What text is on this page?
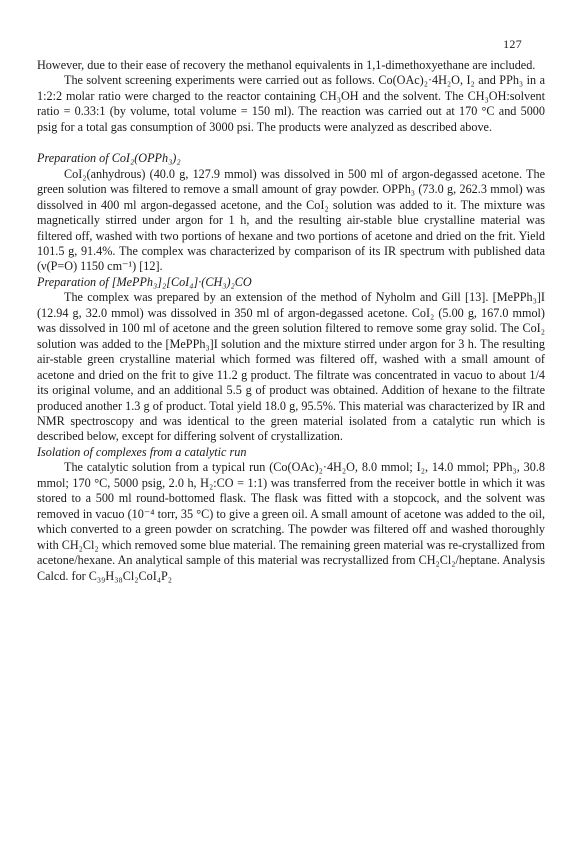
127

However, due to their ease of recovery the methanol equivalents in 1,1-dimethoxyethane are included.

The solvent screening experiments were carried out as follows. Co(OAc)₂·4H₂O, I₂ and PPh₃ in a 1:2:2 molar ratio were charged to the reactor containing CH₃OH and the solvent. The CH₃OH:solvent ratio = 0.33:1 (by volume, total volume = 150 ml). The reaction was carried out at 170 °C and 5000 psig for a total gas consumption of 3000 psi. The products were analyzed as described above.

Preparation of CoI₂(OPPh₃)₂

CoI₂(anhydrous) (40.0 g, 127.9 mmol) was dissolved in 500 ml of argon-degassed acetone. The green solution was filtered to remove a small amount of gray powder. OPPh₃ (73.0 g, 262.3 mmol) was dissolved in 400 ml argon-degassed acetone, and the CoI₂ solution was added to it. The mixture was magnetically stirred under argon for 1 h, and the resulting air-stable blue crystalline material was filtered off, washed with two portions of hexane and two portions of acetone and dried on the frit. Yield 101.5 g, 91.4%. The complex was characterized by comparison of its IR spectrum with published data (ν(P=O) 1150 cm⁻¹) [12].

Preparation of [MePPh₃]₂[CoI₄]·(CH₃)₂CO

The complex was prepared by an extension of the method of Nyholm and Gill [13]. [MePPh₃]I (12.94 g, 32.0 mmol) was dissolved in 350 ml of argon-degassed acetone. CoI₂ (5.00 g, 167.0 mmol) was dissolved in 100 ml of acetone and the green solution filtered to remove some gray solid. The CoI₂ solution was added to the [MePPh₃]I solution and the mixture stirred under argon for 3 h. The resulting air-stable green crystalline material which formed was filtered off, washed with a small amount of acetone and dried on the frit to give 11.2 g product. The filtrate was concentrated in vacuo to about 1/4 its original volume, and an additional 5.5 g of product was obtained. Addition of hexane to the filtrate produced another 1.3 g of product. Total yield 18.0 g, 95.5%. This material was characterized by IR and NMR spectroscopy and was identical to the green material isolated from a catalytic run which is described below, except for differing solvent of crystallization.

Isolation of complexes from a catalytic run

The catalytic solution from a typical run (Co(OAc)₂·4H₂O, 8.0 mmol; I₂, 14.0 mmol; PPh₃, 30.8 mmol; 170 °C, 5000 psig, 2.0 h, H₂:CO = 1:1) was transferred from the receiver bottle in which it was stored to a 500 ml round-bottomed flask. The flask was fitted with a stopcock, and the solvent was removed in vacuo (10⁻⁴ torr, 35 °C) to give a green oil. A small amount of acetone was added to the oil, which converted to a green powder on scratching. The powder was filtered off and washed thoroughly with CH₂Cl₂ which removed some blue material. The remaining green material was re-crystallized from acetone/hexane. An analytical sample of this material was recrystallized from CH₂Cl₂/heptane. Analysis Calcd. for C₃₉H₃₈Cl₂CoI₄P₂
